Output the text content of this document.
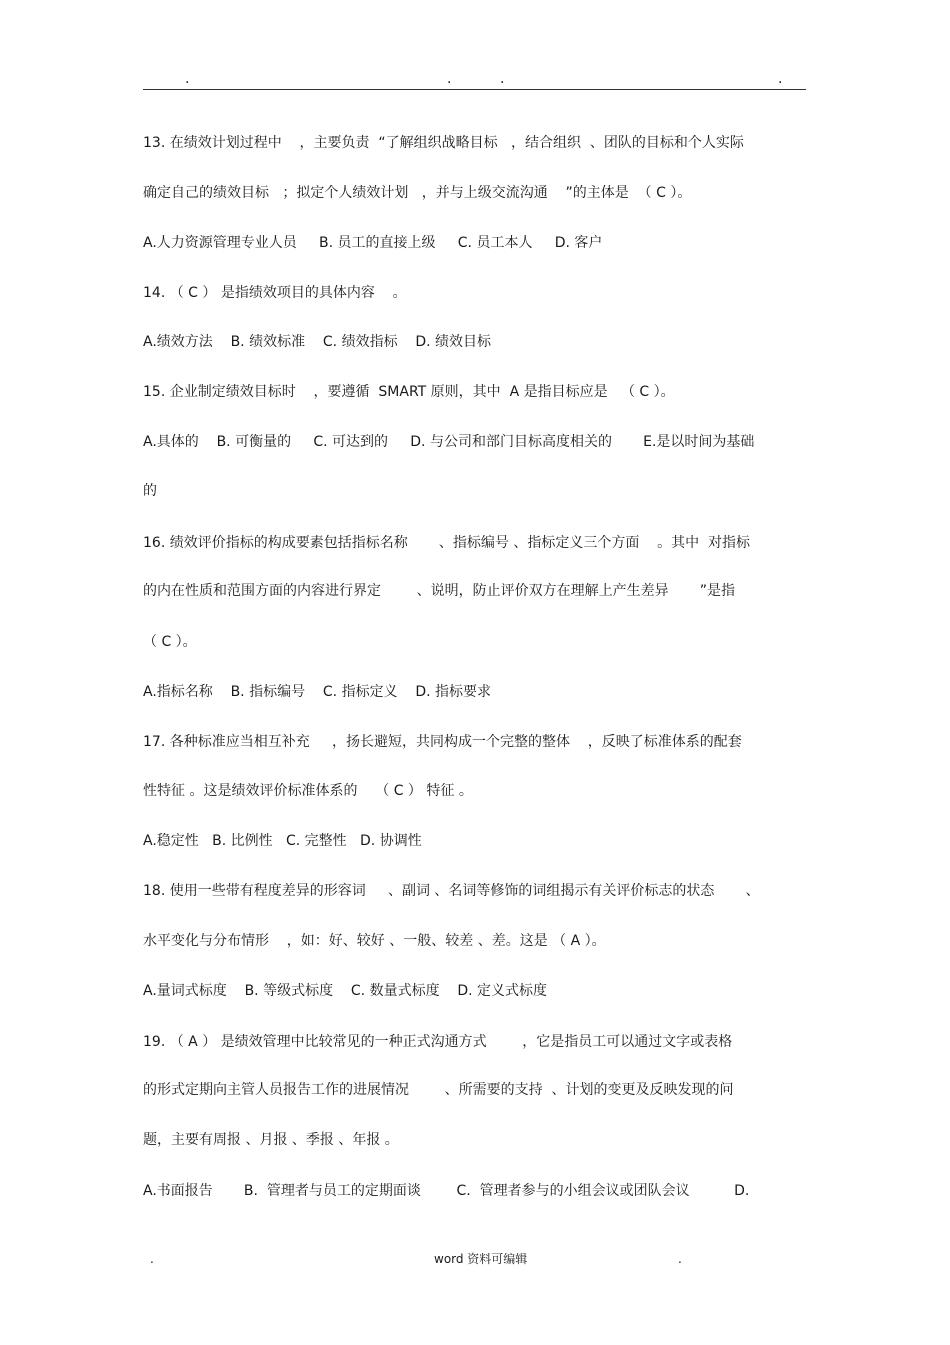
.	.	.	.
13. 在绩效计划过程中    ，主要负责  “了解组织战略目标   ，结合组织  、团队的目标和个人实际
确定自己的绩效目标   ；拟定个人绩效计划   ，并与上级交流沟通    ”的主体是  （ C ）。
A.人力资源管理专业人员     B. 员工的直接上级     C. 员工本人     D. 客户
14. （ C ） 是指绩效项目的具体内容    。
A.绩效方法    B. 绩效标准    C. 绩效指标    D. 绩效目标
15. 企业制定绩效目标时    ，要遵循  SMART 原则，其中  A 是指目标应是   （ C ）。
A.具体的    B. 可衡量的     C. 可达到的     D. 与公司和部门目标高度相关的       E.是以时间为基础
的
16. 绩效评价指标的构成要素包括指标名称       、指标编号 、指标定义三个方面    。其中  对指标
的内在性质和范围方面的内容进行界定        、说明，防止评价双方在理解上产生差异       ”是指
（ C ）。
A.指标名称    B. 指标编号    C. 指标定义    D. 指标要求
17. 各种标准应当相互补充     ，扬长避短，共同构成一个完整的整体    ，反映了标准体系的配套
性特征 。这是绩效评价标准体系的    （ C ） 特征 。
A.稳定性   B. 比例性   C. 完整性   D. 协调性
18. 使用一些带有程度差异的形容词     、副词 、名词等修饰的词组揭示有关评价标志的状态       、
水平变化与分布情形    ，如：好、较好 、一般、较差 、差。这是 （ A ）。
A.量词式标度    B. 等级式标度    C. 数量式标度    D. 定义式标度
19. （ A ） 是绩效管理中比较常见的一种正式沟通方式        ，它是指员工可以通过文字或表格
的形式定期向主管人员报告工作的进展情况        、所需要的支持  、计划的变更及反映发现的问
题，主要有周报 、月报 、季报 、年报 。
A.书面报告       B.  管理者与员工的定期面谈        C.  管理者参与的小组会议或团队会议          D.
.	word 资料可编辑	.
